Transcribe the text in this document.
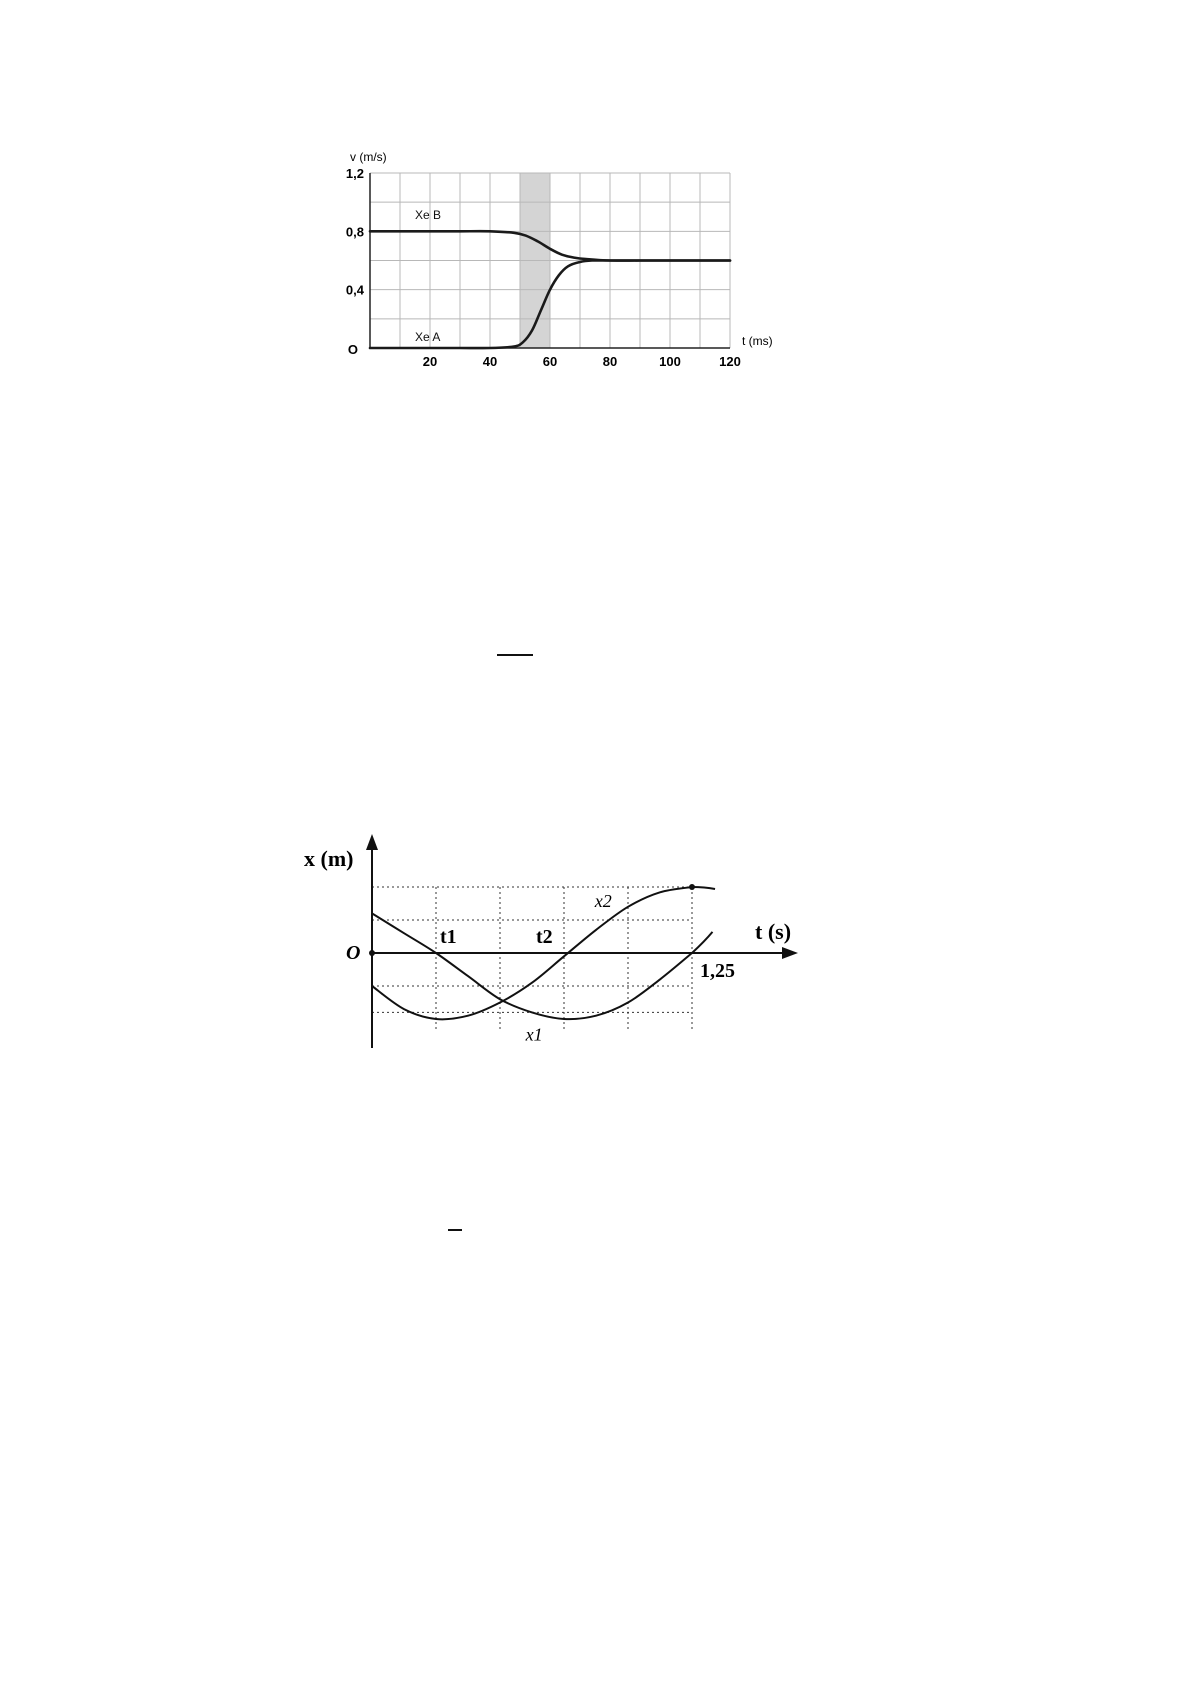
Xe B
Xe A
20	40	60	80	100	120
0,4
0,8
1,2
O
v (m/s)
t (ms)
x2
x1
t1	t2
1,25
O
x (m)
t (s)
